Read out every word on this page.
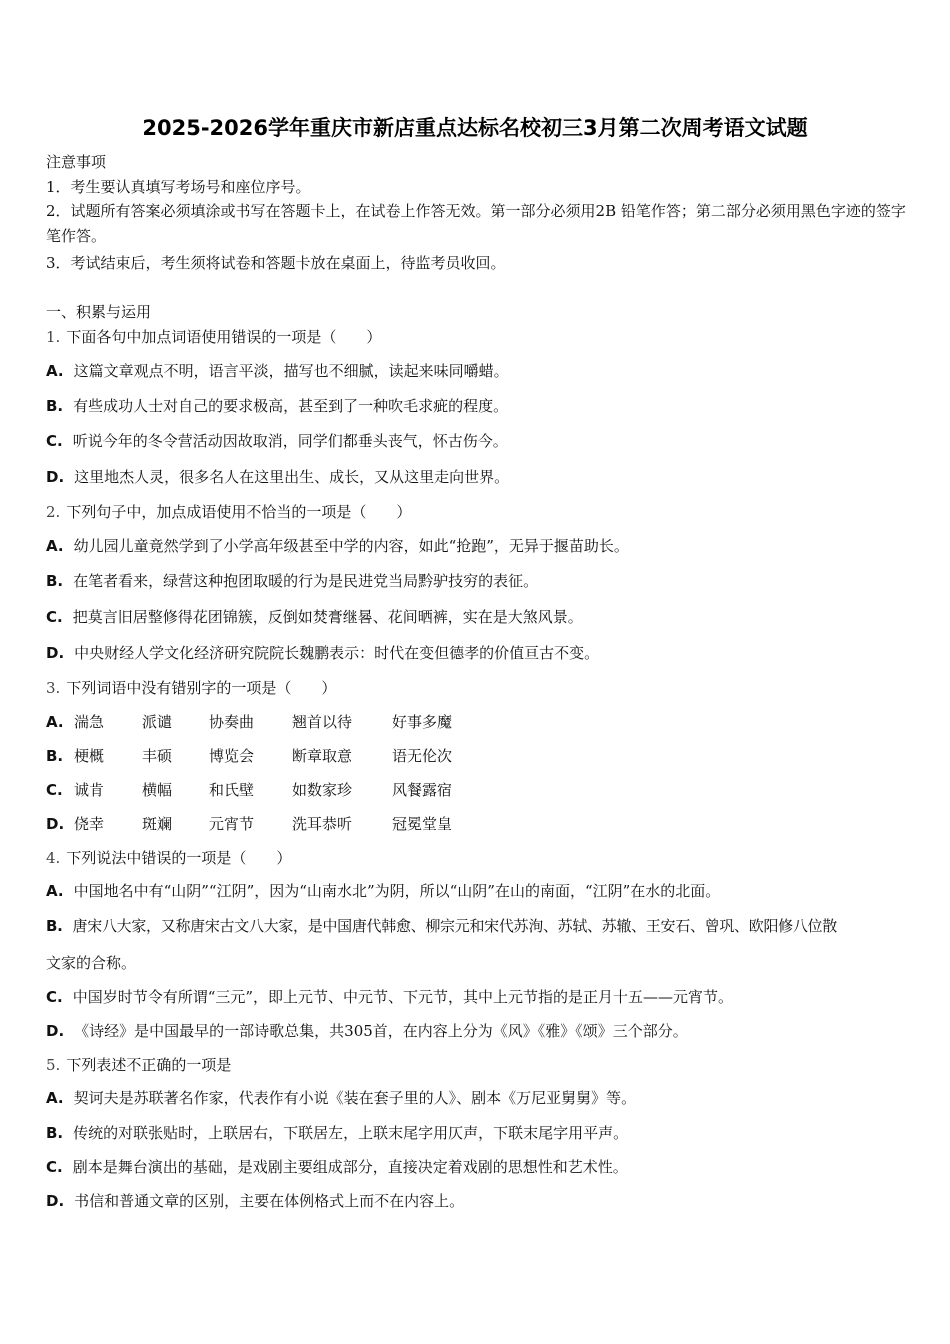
2025-2026学年重庆市新店重点达标名校初三3月第二次周考语文试题
注意事项
1．考生要认真填写考场号和座位序号。
2．试题所有答案必须填涂或书写在答题卡上，在试卷上作答无效。第一部分必须用2B 铅笔作答；第二部分必须用黑色字迹的签字笔作答。
3．考试结束后，考生须将试卷和答题卡放在桌面上，待监考员收回。
一、积累与运用
1. 下面各句中加点词语使用错误的一项是（　　）
A. 这篇文章观点不明，语言平淡，描写也不细腻，读起来味同嚼蜡。
B. 有些成功人士对自己的要求极高，甚至到了一种吹毛求疵的程度。
C. 听说今年的冬令营活动因故取消，同学们都垂头丧气，怀古伤今。
D. 这里地杰人灵，很多名人在这里出生、成长，又从这里走向世界。
2. 下列句子中，加点成语使用不恰当的一项是（　　）
A. 幼儿园儿童竟然学到了小学高年级甚至中学的内容，如此“抢跑”，无异于揠苗助长。
B. 在笔者看来，绿营这种抱团取暖的行为是民进党当局黔驴技穷的表征。
C. 把莫言旧居整修得花团锦簇，反倒如焚膏继晷、花间晒裤，实在是大煞风景。
D. 中央财经人学文化经济研究院院长魏鹏表示：时代在变但德孝的价值亘古不变。
3. 下列词语中没有错别字的一项是（　　）
A. 湍急	派谴 协奏曲	翘首以待	好事多魔
B. 梗概	丰硕 博览会	断章取意	语无伦次
C. 诚肯	横幅 和氏壁	如数家珍	风餐露宿
D. 侥幸	斑斓 元宵节	洗耳恭听	冠冕堂皇
4. 下列说法中错误的一项是（　　）
A. 中国地名中有“山阴”“江阴”，因为“山南水北”为阴，所以“山阴”在山的南面，“江阴”在水的北面。
B. 唐宋八大家，又称唐宋古文八大家，是中国唐代韩愈、柳宗元和宋代苏洵、苏轼、苏辙、王安石、曾巩、欧阳修八位散
文家的合称。
C. 中国岁时节令有所谓“三元”，即上元节、中元节、下元节，其中上元节指的是正月十五——元宵节。
D. 《诗经》是中国最早的一部诗歌总集，共305首，在内容上分为《风》《雅》《颂》三个部分。
5. 下列表述不正确的一项是
A. 契诃夫是苏联著名作家，代表作有小说《装在套子里的人》、剧本《万尼亚舅舅》等。
B. 传统的对联张贴时，上联居右，下联居左，上联末尾字用仄声，下联末尾字用平声。
C. 剧本是舞台演出的基础，是戏剧主要组成部分，直接决定着戏剧的思想性和艺术性。
D. 书信和普通文章的区别，主要在体例格式上而不在内容上。
